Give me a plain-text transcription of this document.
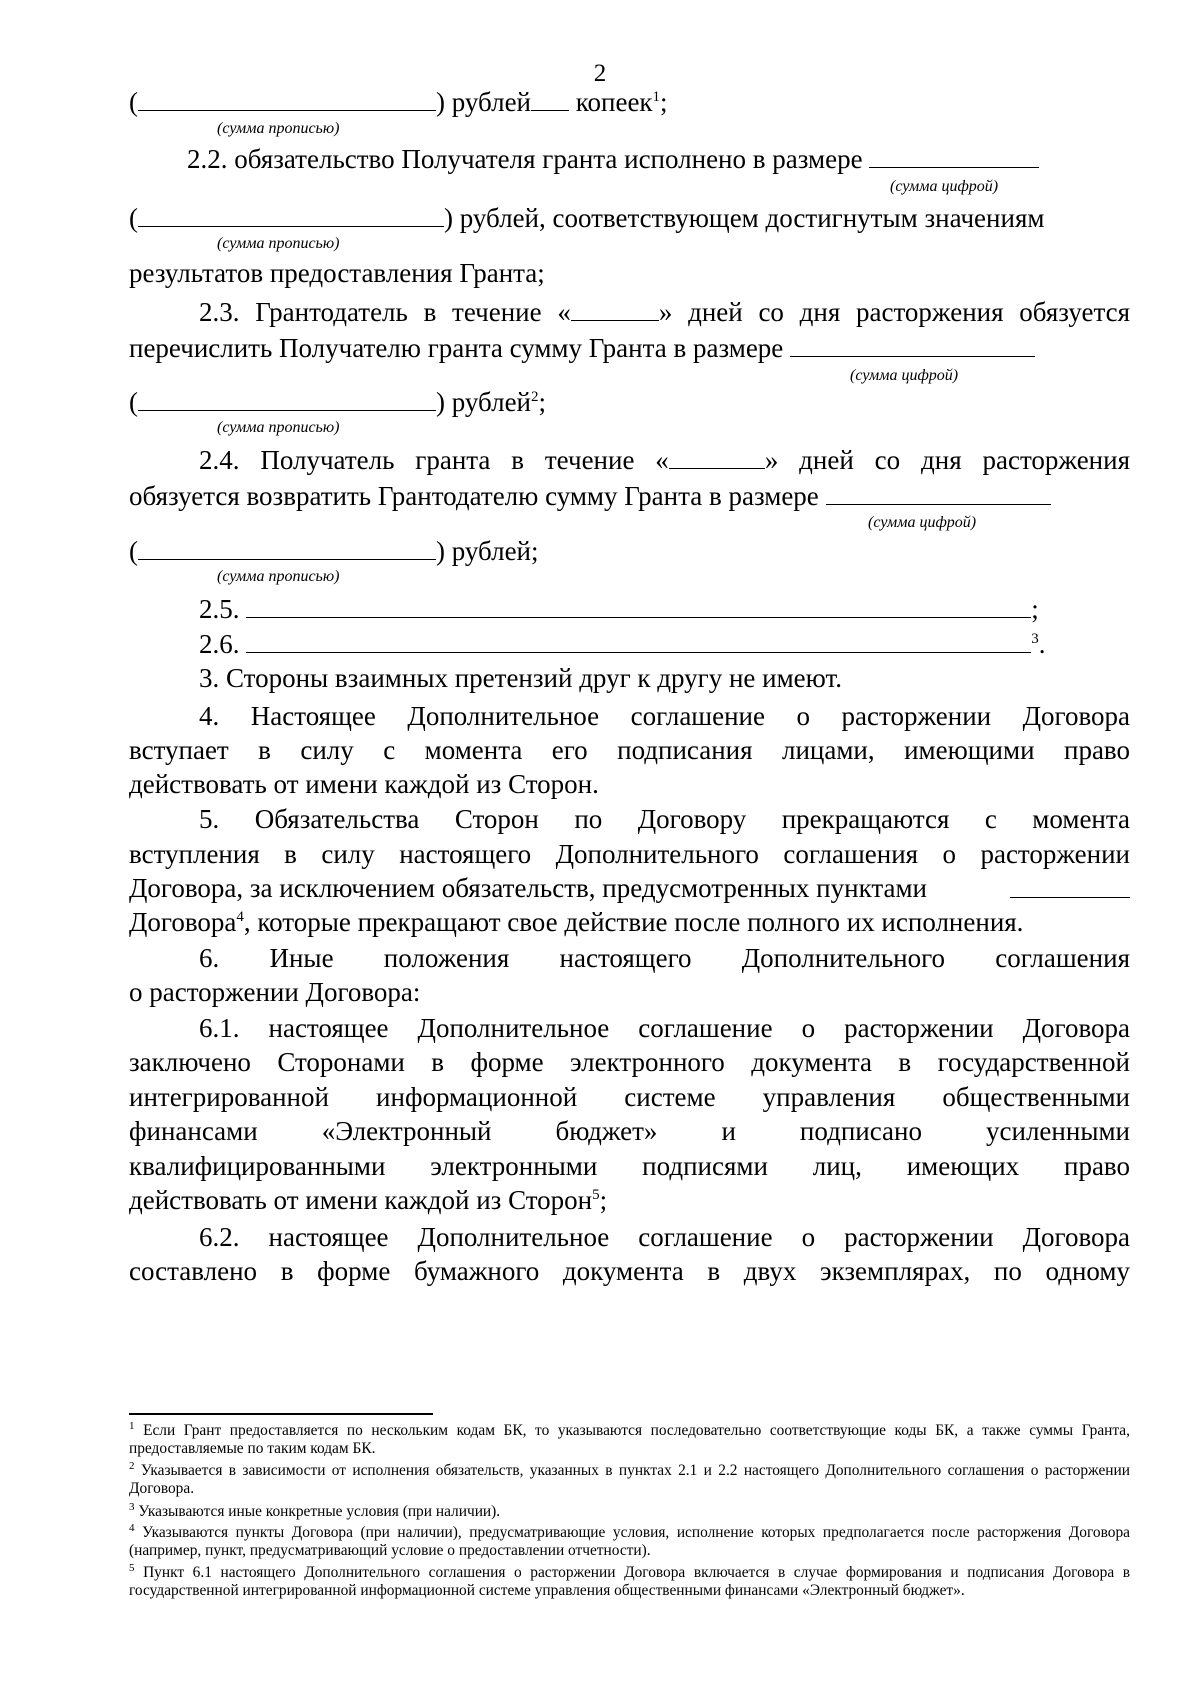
2
(	) рублей копеек$^1$;
(сумма прописью)
2.2. обязательство Получателя гранта исполнено в размере
(сумма цифрой)
(	) рублей, соответствующем достигнутым значениям
(сумма прописью)
результатов предоставления Гранта;
2.3. Грантодатель в течение «	» дней со дня расторжения обязуется
перечислить Получателю гранта сумму Гранта в размере
(сумма цифрой)
(	) рублей$^2$;
(сумма прописью)
2.4. Получатель гранта в течение «	» дней со дня расторжения
обязуется возвратить Грантодателю сумму Гранта в размере
(сумма цифрой)
(	) рублей;
(сумма прописью)
2.5.	;
2.6.	$^3$.
3. Стороны взаимных претензий друг к другу не имеют.
4. Настоящее Дополнительное соглашение о расторжении Договора
вступает в силу с момента его подписания лицами, имеющими право
действовать от имени каждой из Сторон.
5. Обязательства Сторон по Договору прекращаются с момента
вступления в силу настоящего Дополнительного соглашения о расторжении
Договора, за исключением обязательств, предусмотренных пунктами
Договора$^4$, которые прекращают свое действие после полного их исполнения.
6. Иные положения настоящего Дополнительного соглашения
о расторжении Договора:
6.1. настоящее Дополнительное соглашение о расторжении Договора
заключено Сторонами в форме электронного документа в государственной
интегрированной информационной системе управления общественными
финансами «Электронный бюджет» и подписано усиленными
квалифицированными электронными подписями лиц, имеющих право
действовать от имени каждой из Сторон$^5$;
6.2. настоящее Дополнительное соглашение о расторжении Договора
составлено в форме бумажного документа в двух экземплярах, по одному
$^1$ Если Грант предоставляется по нескольким кодам БК, то указываются последовательно соответствующие коды БК, а также суммы Гранта, предоставляемые по таким кодам БК.
$^2$ Указывается в зависимости от исполнения обязательств, указанных в пунктах 2.1 и 2.2 настоящего Дополнительного соглашения о расторжении Договора.
$^3$ Указываются иные конкретные условия (при наличии).
$^4$ Указываются пункты Договора (при наличии), предусматривающие условия, исполнение которых предполагается после расторжения Договора (например, пункт, предусматривающий условие о предоставлении отчетности).
$^5$ Пункт 6.1 настоящего Дополнительного соглашения о расторжении Договора включается в случае формирования и подписания Договора в государственной интегрированной информационной системе управления общественными финансами «Электронный бюджет».
